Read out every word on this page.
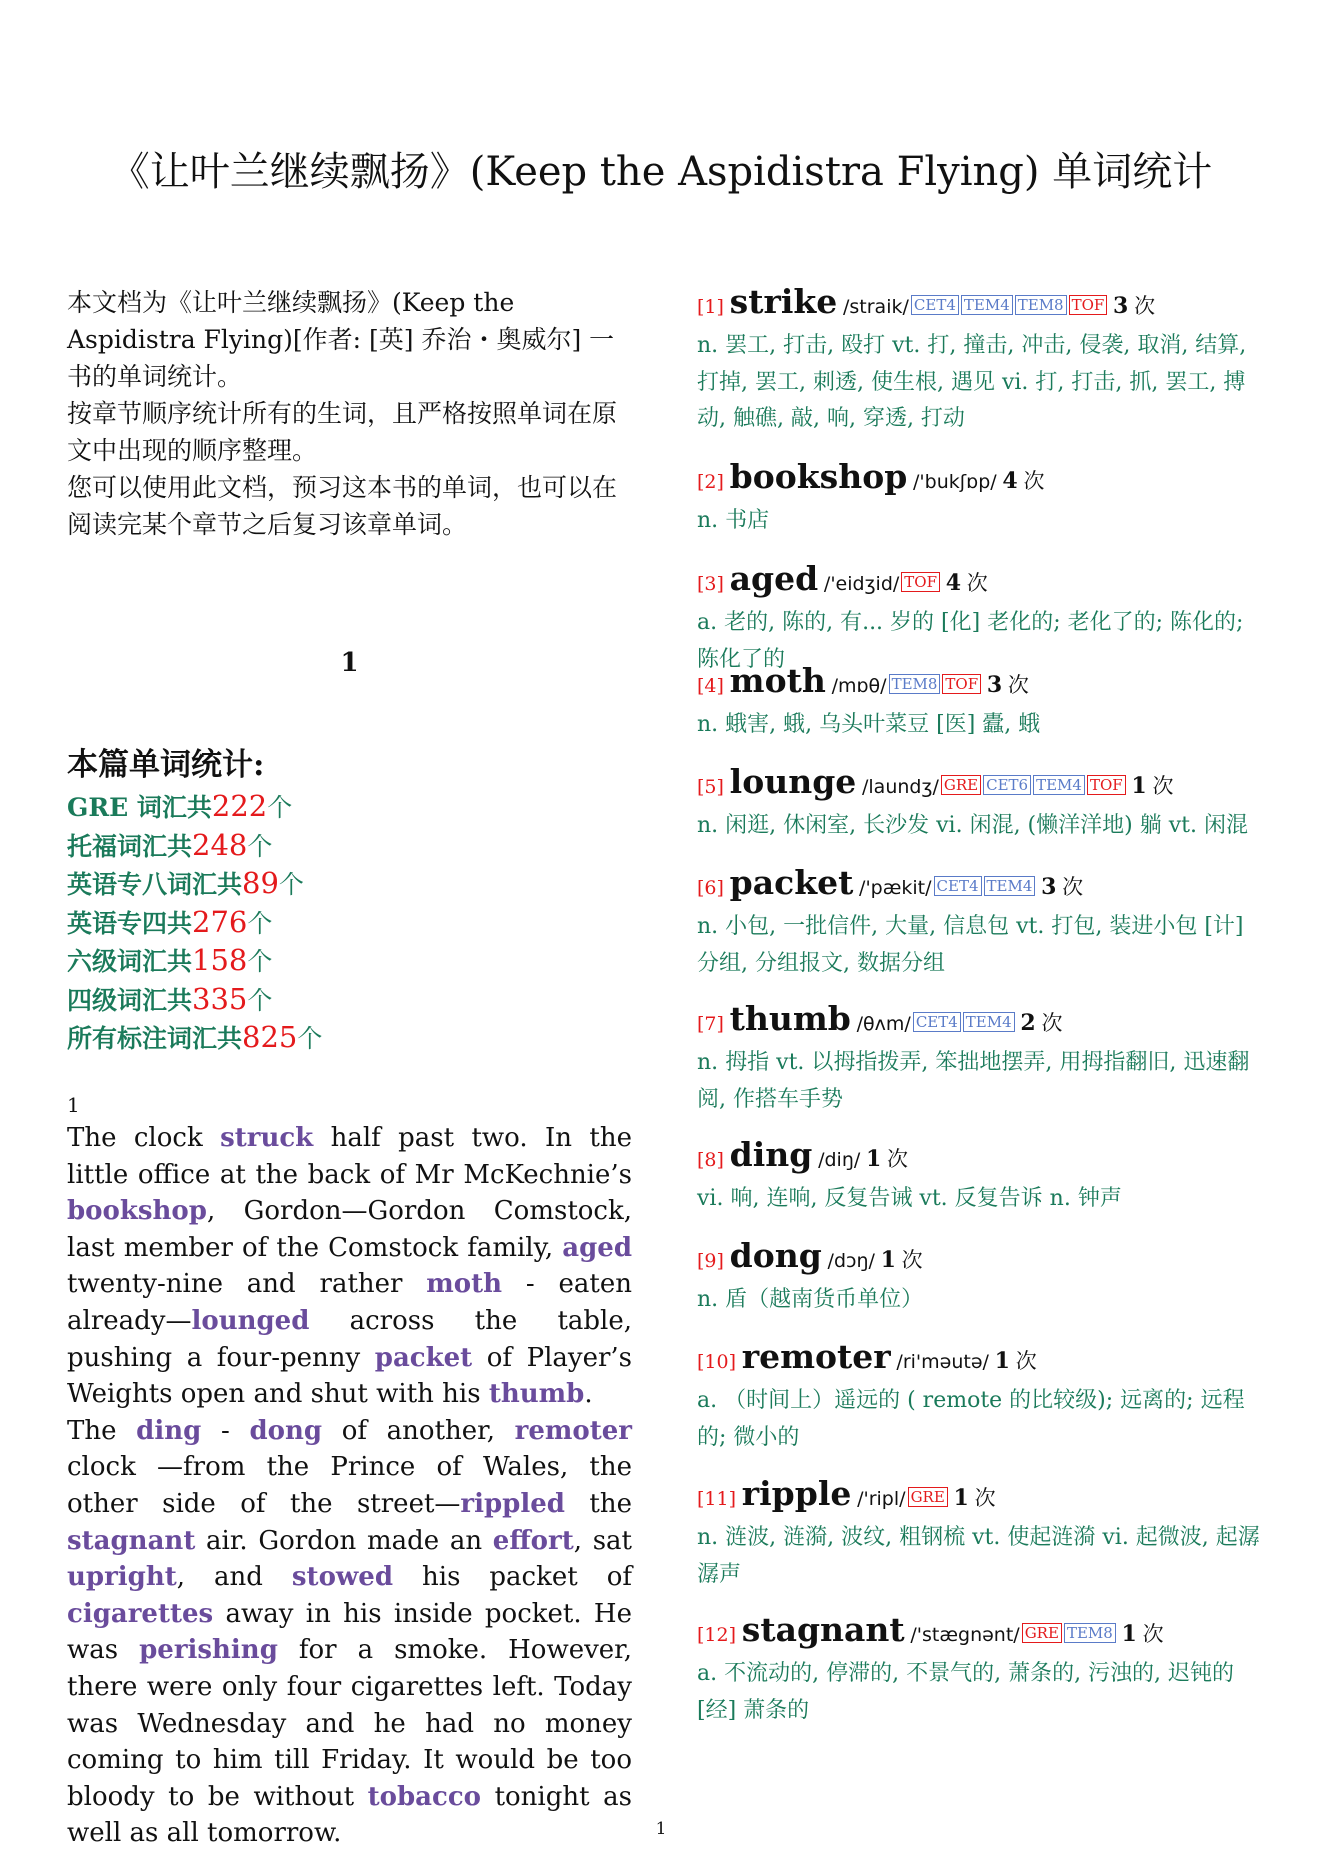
《让叶兰继续飘扬》(Keep the Aspidistra Flying) 单词统计
本文档为《让叶兰继续飘扬》(Keep the Aspidistra Flying)[作者: [英] 乔治・奥威尔] 一书的单词统计。
按章节顺序统计所有的生词，且严格按照单词在原文中出现的顺序整理。
您可以使用此文档，预习这本书的单词，也可以在阅读完某个章节之后复习该章单词。
1
本篇单词统计:
GRE 词汇共222个
托福词汇共248个
英语专八词汇共89个
英语专四共276个
六级词汇共158个
四级词汇共335个
所有标注词汇共825个
1
The clock struck half past two. In the little office at the back of Mr McKechnie’s bookshop, Gordon—Gordon Comstock, last member of the Comstock family, aged twenty-nine and rather moth - eaten already—lounged across the table, pushing a four-penny packet of Player’s Weights open and shut with his thumb.
The ding - dong of another, remoter clock —from the Prince of Wales, the other side of the street—rippled the stagnant air. Gordon made an effort, sat upright, and stowed his packet of cigarettes away in his inside pocket. He was perishing for a smoke. However, there were only four cigarettes left. Today was Wednesday and he had no money coming to him till Friday. It would be too bloody to be without tobacco tonight as well as all tomorrow.
[1] strike /straik/ CET4 TEM4 TEM8 TOF 3 次
n. 罢工, 打击, 殴打 vt. 打, 撞击, 冲击, 侵袭, 取消, 结算, 打掉, 罢工, 刺透, 使生根, 遇见 vi. 打, 打击, 抓, 罢工, 搏动, 触礁, 敲, 响, 穿透, 打动
[2] bookshop /'bukʃɒp/ 4 次
n. 书店
[3] aged /'eidʒid/ TOF 4 次
a. 老的, 陈的, 有... 岁的 [化] 老化的; 老化了的; 陈化的; 陈化了的
[4] moth /mɒθ/ TEM8 TOF 3 次
n. 蛾害, 蛾, 乌头叶菜豆 [医] 蠹, 蛾
[5] lounge /laundʒ/ GRE CET6 TEM4 TOF 1 次
n. 闲逛, 休闲室, 长沙发 vi. 闲混, (懒洋洋地) 躺 vt. 闲混
[6] packet /'pækit/ CET4 TEM4 3 次
n. 小包, 一批信件, 大量, 信息包 vt. 打包, 装进小包 [计] 分组, 分组报文, 数据分组
[7] thumb /θʌm/ CET4 TEM4 2 次
n. 拇指 vt. 以拇指拨弄, 笨拙地摆弄, 用拇指翻旧, 迅速翻阅, 作搭车手势
[8] ding /diŋ/ 1 次
vi. 响, 连响, 反复告诫 vt. 反复告诉 n. 钟声
[9] dong /dɔŋ/ 1 次
n. 盾（越南货币单位）
[10] remoter /ri'məutə/ 1 次
a. （时间上）遥远的 ( remote 的比较级); 远离的; 远程的; 微小的
[11] ripple /'ripl/ GRE 1 次
n. 涟波, 涟漪, 波纹, 粗钢梳 vt. 使起涟漪 vi. 起微波, 起潺潺声
[12] stagnant /'stægnənt/ GRE TEM8 1 次
a. 不流动的, 停滞的, 不景气的, 萧条的, 污浊的, 迟钝的 [经] 萧条的
1
